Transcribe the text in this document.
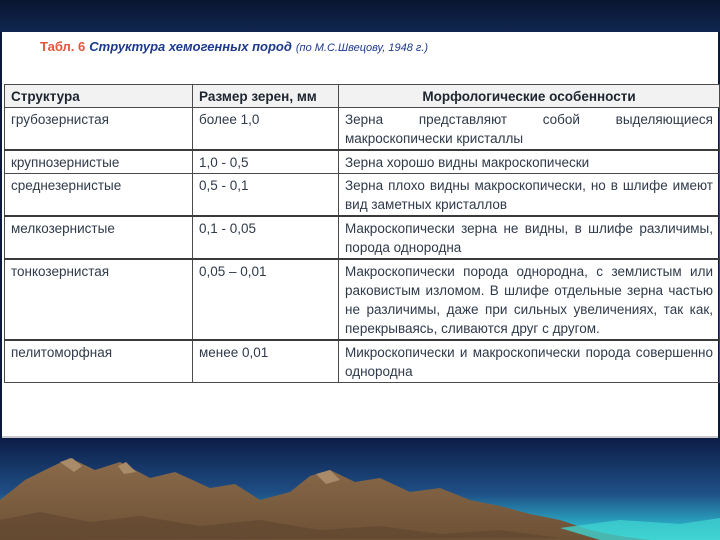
Табл. 6 Структура хемогенных пород (по М.С.Швецову, 1948 г.)
Структура	Размер зерен, мм	Морфологические особенности
грубозернистая	более 1,0	Зерна представляют собой выделяющиеся макроскопически кристаллы
крупнозернистые	1,0 - 0,5	Зерна хорошо видны макроскопически
среднезернистые	0,5 - 0,1	Зерна плохо видны макроскопически, но в шлифе имеют вид заметных кристаллов
мелкозернистые	0,1 - 0,05	Макроскопически зерна не видны, в шлифе различимы, порода однородна
тонкозернистая	0,05 – 0,01	Макроскопически порода однородна, с землистым или раковистым изломом. В шлифе отдельные зерна частью не различимы, даже при сильных увеличениях, так как, перекрываясь, сливаются друг с другом.
пелитоморфная	менее 0,01	Микроскопически и макроскопически порода совершенно однородна
